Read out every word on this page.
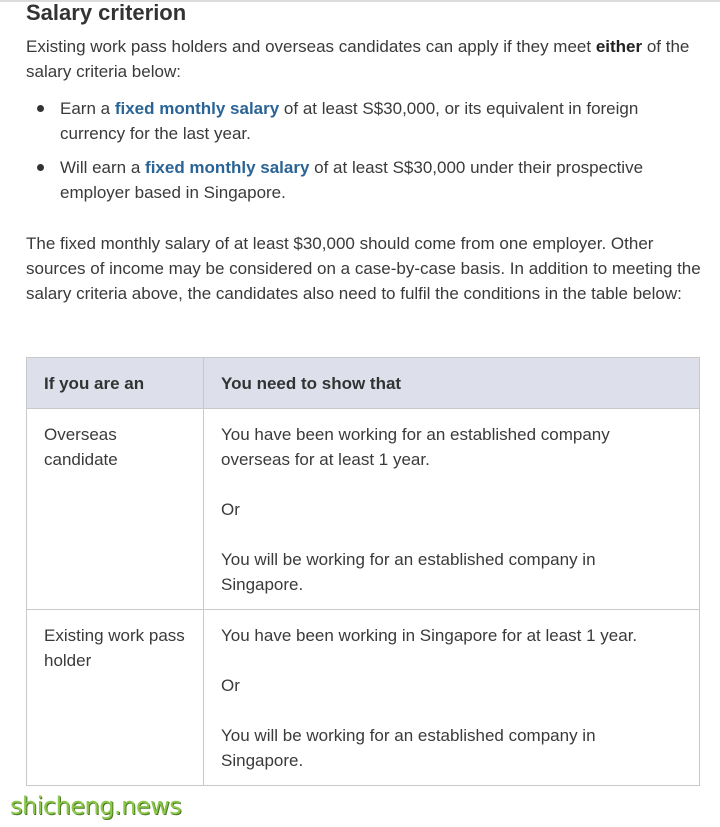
Salary criterion

Existing work pass holders and overseas candidates can apply if they meet either of the salary criteria below:

Earn a fixed monthly salary of at least S$30,000, or its equivalent in foreign currency for the last year.
Will earn a fixed monthly salary of at least S$30,000 under their prospective employer based in Singapore.

The fixed monthly salary of at least $30,000 should come from one employer. Other sources of income may be considered on a case-by-case basis. In addition to meeting the salary criteria above, the candidates also need to fulfil the conditions in the table below:

If you are an	You need to show that
Overseas candidate	You have been working for an established company overseas for at least 1 year.

Or

You will be working for an established company in Singapore.

Existing work pass holder	You have been working in Singapore for at least 1 year.

Or

You will be working for an established company in Singapore.

shicheng.news
